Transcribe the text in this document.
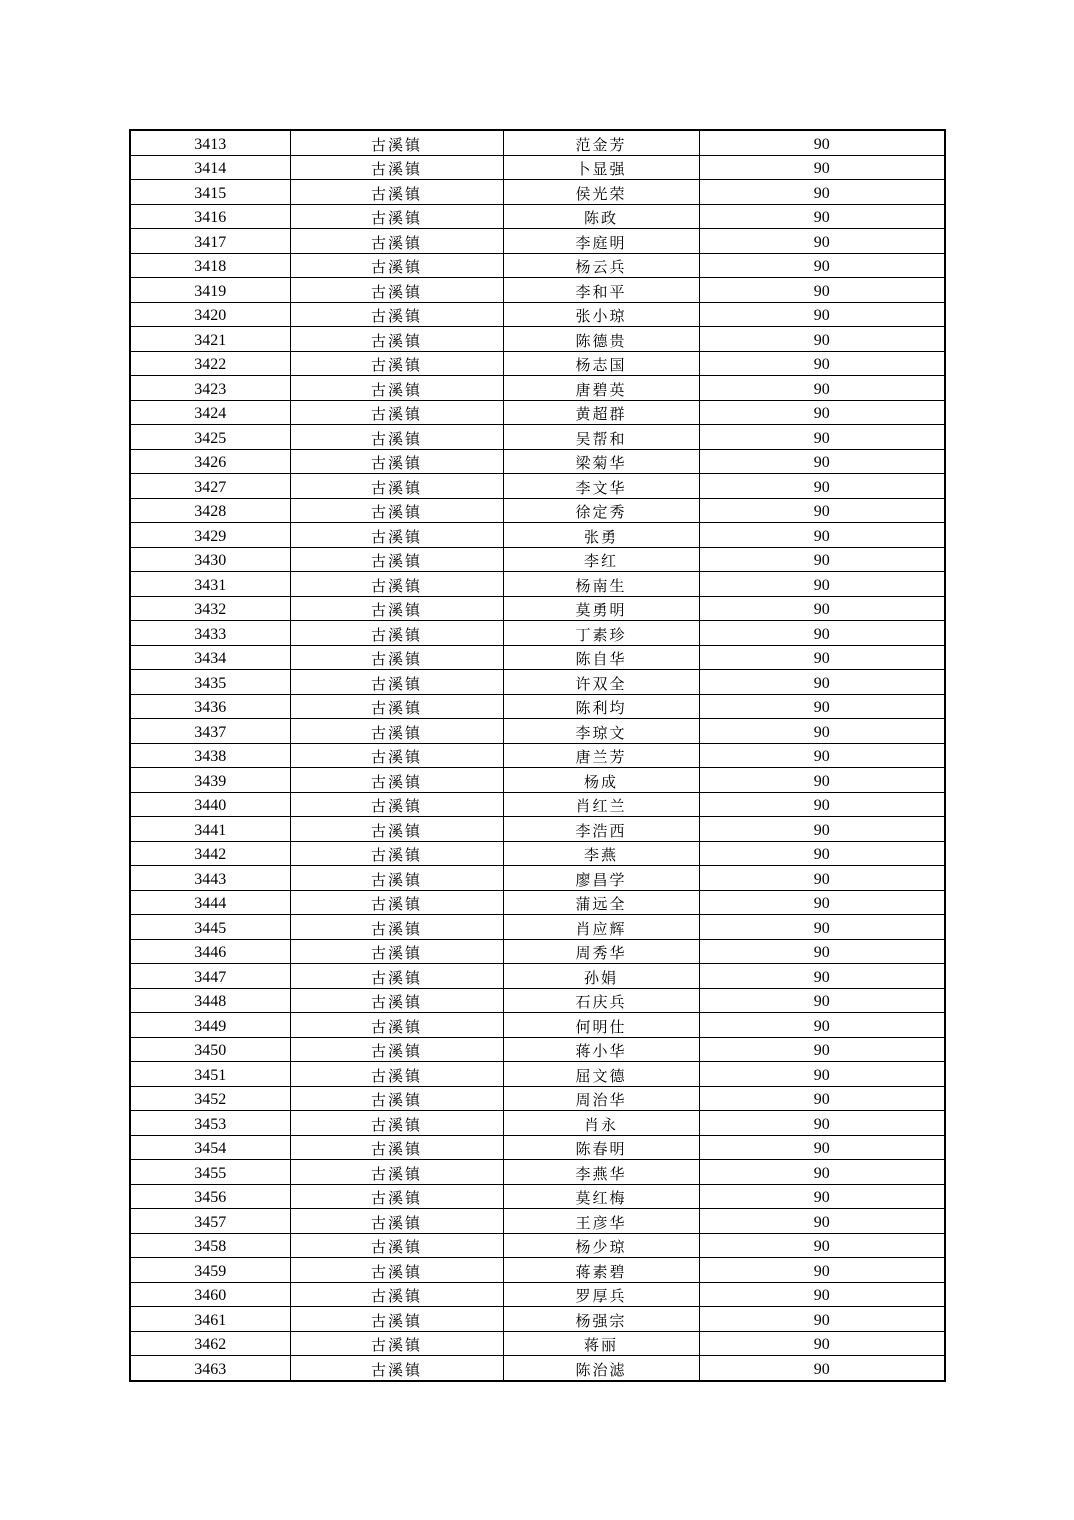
3413	古溪镇	范金芳	90
3414	古溪镇	卜显强	90
3415	古溪镇	侯光荣	90
3416	古溪镇	陈政	90
3417	古溪镇	李庭明	90
3418	古溪镇	杨云兵	90
3419	古溪镇	李和平	90
3420	古溪镇	张小琼	90
3421	古溪镇	陈德贵	90
3422	古溪镇	杨志国	90
3423	古溪镇	唐碧英	90
3424	古溪镇	黄超群	90
3425	古溪镇	吴帮和	90
3426	古溪镇	梁菊华	90
3427	古溪镇	李文华	90
3428	古溪镇	徐定秀	90
3429	古溪镇	张勇	90
3430	古溪镇	李红	90
3431	古溪镇	杨南生	90
3432	古溪镇	莫勇明	90
3433	古溪镇	丁素珍	90
3434	古溪镇	陈自华	90
3435	古溪镇	许双全	90
3436	古溪镇	陈利均	90
3437	古溪镇	李琼文	90
3438	古溪镇	唐兰芳	90
3439	古溪镇	杨成	90
3440	古溪镇	肖红兰	90
3441	古溪镇	李浩西	90
3442	古溪镇	李燕	90
3443	古溪镇	廖昌学	90
3444	古溪镇	蒲远全	90
3445	古溪镇	肖应辉	90
3446	古溪镇	周秀华	90
3447	古溪镇	孙娟	90
3448	古溪镇	石庆兵	90
3449	古溪镇	何明仕	90
3450	古溪镇	蒋小华	90
3451	古溪镇	屈文德	90
3452	古溪镇	周治华	90
3453	古溪镇	肖永	90
3454	古溪镇	陈春明	90
3455	古溪镇	李燕华	90
3456	古溪镇	莫红梅	90
3457	古溪镇	王彦华	90
3458	古溪镇	杨少琼	90
3459	古溪镇	蒋素碧	90
3460	古溪镇	罗厚兵	90
3461	古溪镇	杨强宗	90
3462	古溪镇	蒋丽	90
3463	古溪镇	陈治滤	90
